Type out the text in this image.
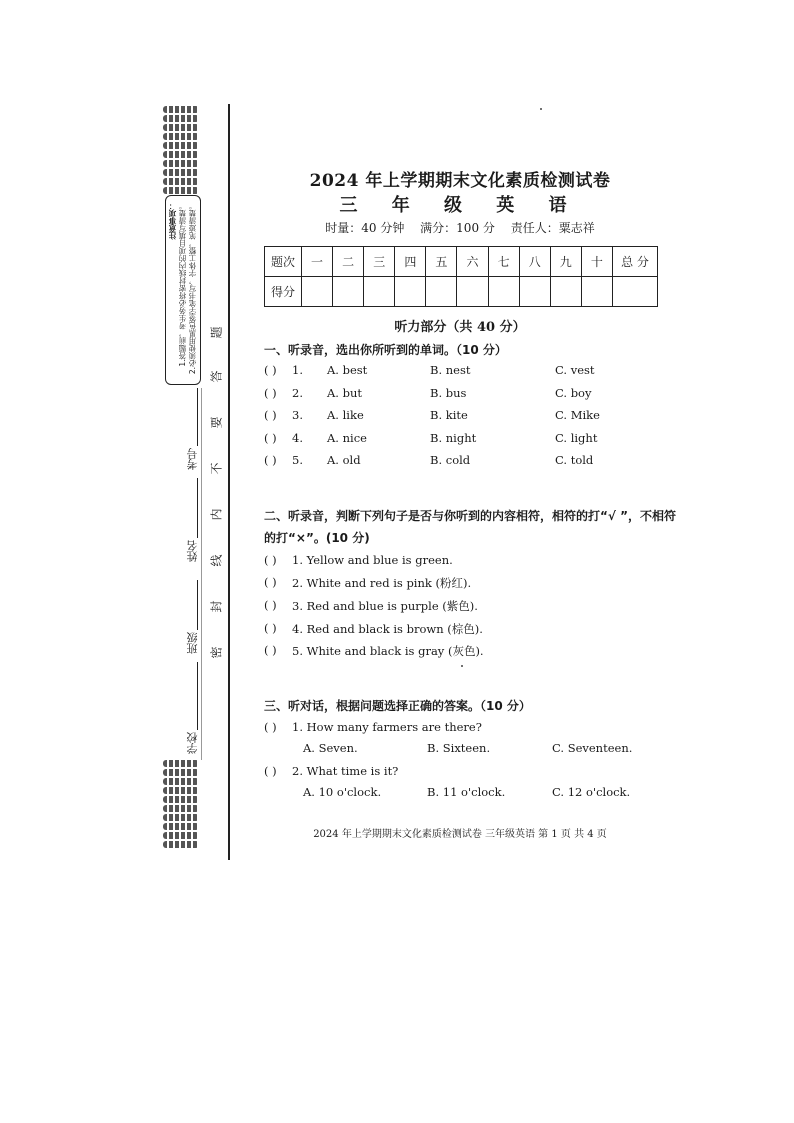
注意事项： 1.答题前，考生务必将密封线内的项目填写清楚。 2.必须使用黑色签字笔书写，字体工整，笔迹清楚。
学校
班级
姓名
考号
密
封
线
内
不
要
答
题
2024 年上学期期末文化素质检测试卷
三 年 级 英 语
时量：40 分钟 满分：100 分 责任人：粟志祥
题次	一	二	三	四	五	六	七	八	九	十	总 分
得分											
听力部分（共 40 分）
一、听录音，选出你所听到的单词。（10 分）
( ) 1. A. best	B. nest	C. vest
( ) 2. A. but	B. bus	C. boy
( ) 3. A. like	B. kite	C. Mike
( ) 4. A. nice	B. night	C. light
( ) 5. A. old	B. cold	C. told
二、听录音，判断下列句子是否与你听到的内容相符，相符的打“√ ”，不相符
的打“×”。(10 分)
( ) 1. Yellow and blue is green.
( ) 2. White and red is pink (粉红).
( ) 3. Red and blue is purple (紫色).
( ) 4. Red and black is brown (棕色).
( ) 5. White and black is gray (灰色).
三、听对话，根据问题选择正确的答案。（10 分）
( ) 1. How many farmers are there?
A. Seven.	B. Sixteen.	C. Seventeen.
( ) 2. What time is it?
A. 10 o'clock.	B. 11 o'clock.	C. 12 o'clock.
2024 年上学期期末文化素质检测试卷 三年级英语 第 1 页 共 4 页
